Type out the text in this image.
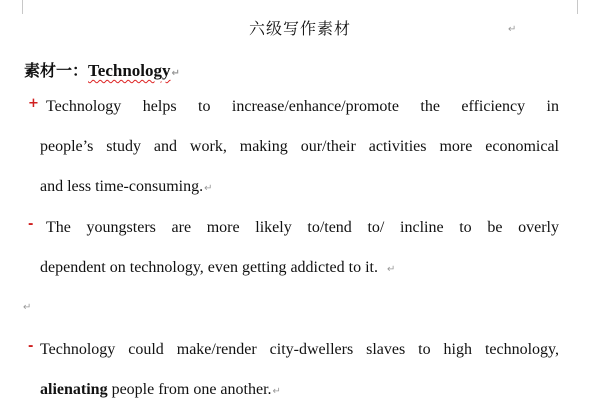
六级写作素材	↵
素材一：Technology↵
+ Technology helps to increase/enhance/promote the efficiency in
people’s study and work, making our/their activities more economical
and less time-consuming.↵
- The youngsters are more likely to/tend to/ incline to be overly
dependent on technology, even getting addicted to it. ↵
↵
- Technology could make/render city-dwellers slaves to high technology,
alienating people from one another.↵
